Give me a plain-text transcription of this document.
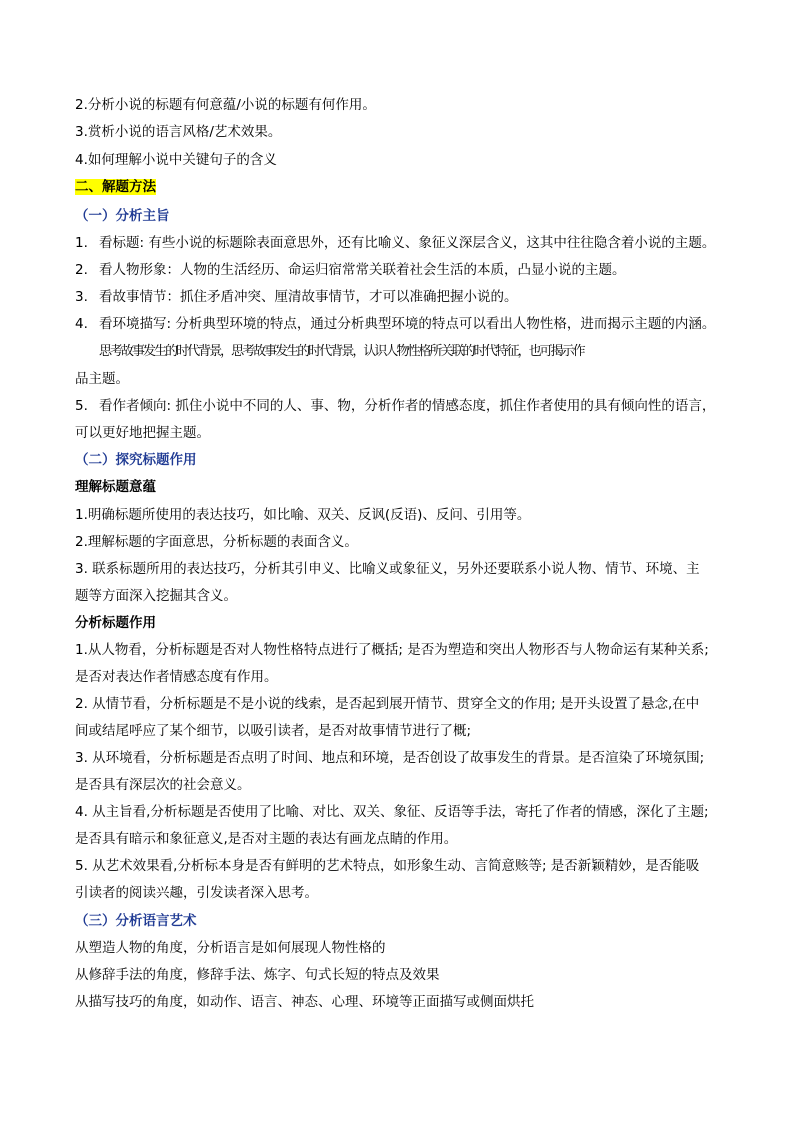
2.分析小说的标题有何意蕴/小说的标题有何作用。
3.赏析小说的语言风格/艺术效果。
4.如何理解小说中关键句子的含义
二、解题方法
（一）分析主旨
1. 看标题: 有些小说的标题除表面意思外，还有比喻义、象征义深层含义，这其中往往隐含着小说的主题。
2. 看人物形象：人物的生活经历、命运归宿常常关联着社会生活的本质，凸显小说的主题。
3. 看故事情节：抓住矛盾冲突、厘清故事情节，才可以准确把握小说的。
4. 看环境描写: 分析典型环境的特点，通过分析典型环境的特点可以看出人物性格，进而揭示主题的内涵。
思考故事发生的时代背景，思考故事发生的时代背景，认识人物性格所关联的时代特征，也可揭示作
品主题。
5. 看作者倾向: 抓住小说中不同的人、事、物，分析作者的情感态度，抓住作者使用的具有倾向性的语言，
可以更好地把握主题。
（二）探究标题作用
理解标题意蕴
1.明确标题所使用的表达技巧，如比喻、双关、反讽(反语)、反问、引用等。
2.理解标题的字面意思，分析标题的表面含义。
3. 联系标题所用的表达技巧，分析其引申义、比喻义或象征义，另外还要联系小说人物、情节、环境、主
题等方面深入挖掘其含义。
分析标题作用
1.从人物看，分析标题是否对人物性格特点进行了概括; 是否为塑造和突出人物形否与人物命运有某种关系;
是否对表达作者情感态度有作用。
2. 从情节看，分析标题是不是小说的线索，是否起到展开情节、贯穿全文的作用; 是开头设置了悬念,在中
间或结尾呼应了某个细节，以吸引读者，是否对故事情节进行了概;
3. 从环境看，分析标题是否点明了时间、地点和环境，是否创设了故事发生的背景。是否渲染了环境氛围;
是否具有深层次的社会意义。
4. 从主旨看,分析标题是否使用了比喻、对比、双关、象征、反语等手法，寄托了作者的情感，深化了主题;
是否具有暗示和象征意义,是否对主题的表达有画龙点睛的作用。
5. 从艺术效果看,分析标本身是否有鲜明的艺术特点，如形象生动、言简意赅等; 是否新颖精妙，是否能吸
引读者的阅读兴趣，引发读者深入思考。
（三）分析语言艺术
从塑造人物的角度，分析语言是如何展现人物性格的
从修辞手法的角度，修辞手法、炼字、句式长短的特点及效果
从描写技巧的角度，如动作、语言、神态、心理、环境等正面描写或侧面烘托
